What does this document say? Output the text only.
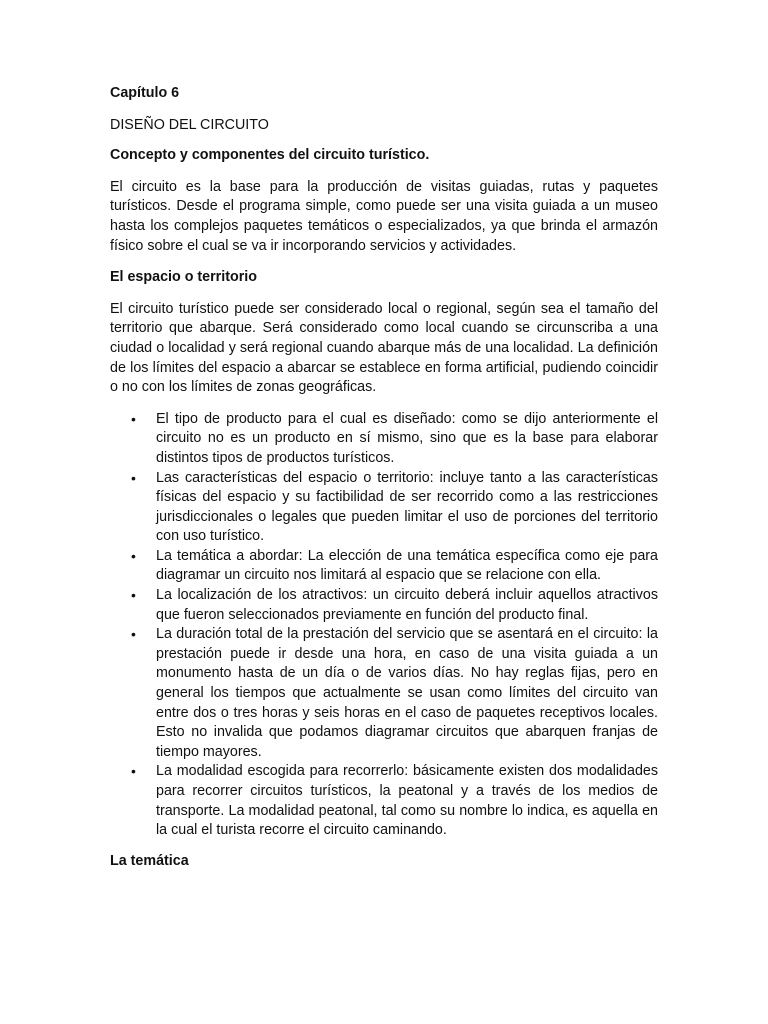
Capítulo 6
DISEÑO DEL CIRCUITO
Concepto y componentes del circuito turístico.

El circuito es la base para la producción de visitas guiadas, rutas y paquetes turísticos. Desde el programa simple, como puede ser una visita guiada a un museo hasta los complejos paquetes temáticos o especializados, ya que brinda el armazón físico sobre el cual se va ir incorporando servicios y actividades.

El espacio o territorio

El circuito turístico puede ser considerado local o regional, según sea el tamaño del territorio que abarque. Será considerado como local cuando se circunscriba a una ciudad o localidad y será regional cuando abarque más de una localidad. La definición de los límites del espacio a abarcar se establece en forma artificial, pudiendo coincidir o no con los límites de zonas geográficas.

• El tipo de producto para el cual es diseñado: como se dijo anteriormente el circuito no es un producto en sí mismo, sino que es la base para elaborar distintos tipos de productos turísticos.
• Las características del espacio o territorio: incluye tanto a las características físicas del espacio y su factibilidad de ser recorrido como a las restricciones jurisdiccionales o legales que pueden limitar el uso de porciones del territorio con uso turístico.
• La temática a abordar: La elección de una temática específica como eje para diagramar un circuito nos limitará al espacio que se relacione con ella.
• La localización de los atractivos: un circuito deberá incluir aquellos atractivos que fueron seleccionados previamente en función del producto final.
• La duración total de la prestación del servicio que se asentará en el circuito: la prestación puede ir desde una hora, en caso de una visita guiada a un monumento hasta de un día o de varios días. No hay reglas fijas, pero en general los tiempos que actualmente se usan como límites del circuito van entre dos o tres horas y seis horas en el caso de paquetes receptivos locales. Esto no invalida que podamos diagramar circuitos que abarquen franjas de tiempo mayores.
• La modalidad escogida para recorrerlo: básicamente existen dos modalidades para recorrer circuitos turísticos, la peatonal y a través de los medios de transporte. La modalidad peatonal, tal como su nombre lo indica, es aquella en la cual el turista recorre el circuito caminando.
La temática
